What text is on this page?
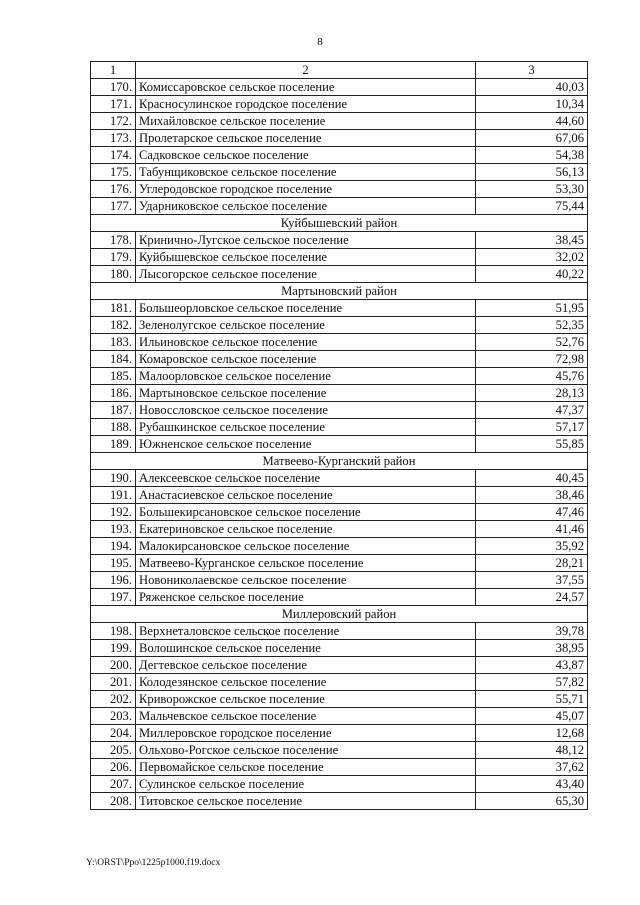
8
1	2	3
170.	Комиссаровское сельское поселение	40,03
171.	Красносулинское городское поселение	10,34
172.	Михайловское сельское поселение	44,60
173.	Пролетарское сельское поселение	67,06
174.	Садковское сельское поселение	54,38
175.	Табунщиковское сельское поселение	56,13
176.	Углеродовское городское поселение	53,30
177.	Ударниковское сельское поселение	75,44
Куйбышевский район		
178.	Кринично-Лугское сельское поселение	38,45
179.	Куйбышевское сельское поселение	32,02
180.	Лысогорское сельское поселение	40,22
Мартыновский район		
181.	Большеорловское сельское поселение	51,95
182.	Зеленолугское сельское поселение	52,35
183.	Ильиновское сельское поселение	52,76
184.	Комаровское сельское поселение	72,98
185.	Малоорловское сельское поселение	45,76
186.	Мартыновское сельское поселение	28,13
187.	Новоссловское сельское поселение	47,37
188.	Рубашкинское сельское поселение	57,17
189.	Южненское сельское поселение	55,85
Матвеево-Курганский район		
190.	Алексеевское сельское поселение	40,45
191.	Анастасиевское сельское поселение	38,46
192.	Большекирсановское сельское поселение	47,46
193.	Екатериновское сельское поселение	41,46
194.	Малокирсановское сельское поселение	35,92
195.	Матвеево-Курганское сельское поселение	28,21
196.	Новониколаевское сельское поселение	37,55
197.	Ряженское сельское поселение	24,57
Миллеровский район		
198.	Верхнеталовское сельское поселение	39,78
199.	Волошинское сельское поселение	38,95
200.	Дегтевское сельское поселение	43,87
201.	Колодезянское сельское поселение	57,82
202.	Криворожское сельское поселение	55,71
203.	Мальчевское сельское поселение	45,07
204.	Миллеровское городское поселение	12,68
205.	Ольхово-Рогское сельское поселение	48,12
206.	Первомайское сельское поселение	37,62
207.	Сулинское сельское поселение	43,40
208.	Титовское сельское поселение	65,30
Y:\ORST\Ppo\1225p1000.f19.docx
